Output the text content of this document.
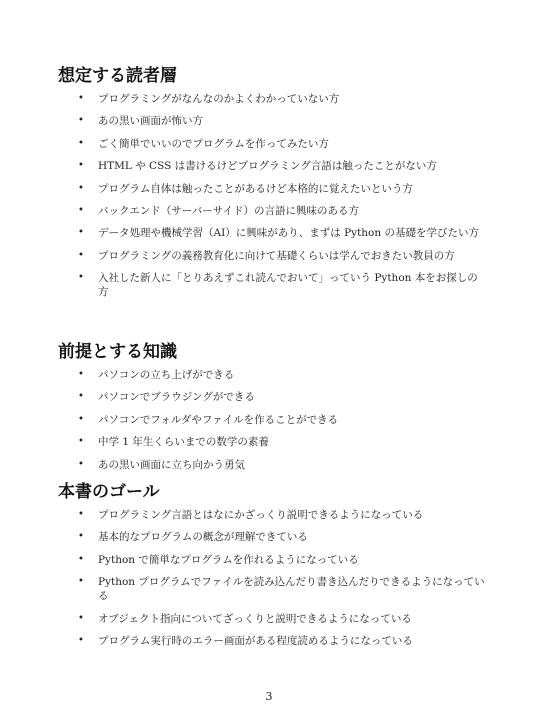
想定する読者層
• プログラミングがなんなのかよくわかっていない方
• あの黒い画面が怖い方
• ごく簡単でいいのでプログラムを作ってみたい方
• HTML や CSS は書けるけどプログラミング言語は触ったことがない方
• プログラム自体は触ったことがあるけど本格的に覚えたいという方
• バックエンド（サーバーサイド）の言語に興味のある方
• データ処理や機械学習（AI）に興味があり、まずは Python の基礎を学びたい方
• プログラミングの義務教育化に向けて基礎くらいは学んでおきたい教員の方
• 入社した新人に「とりあえずこれ読んでおいて」っていう Python 本をお探しの方
前提とする知識
• パソコンの立ち上げができる
• パソコンでブラウジングができる
• パソコンでフォルダやファイルを作ることができる
• 中学 1 年生くらいまでの数学の素養
• あの黒い画面に立ち向かう勇気
本書のゴール
• プログラミング言語とはなにかざっくり説明できるようになっている
• 基本的なプログラムの概念が理解できている
• Python で簡単なプログラムを作れるようになっている
• Python プログラムでファイルを読み込んだり書き込んだりできるようになっている
• オブジェクト指向についてざっくりと説明できるようになっている
• プログラム実行時のエラー画面がある程度読めるようになっている
3
